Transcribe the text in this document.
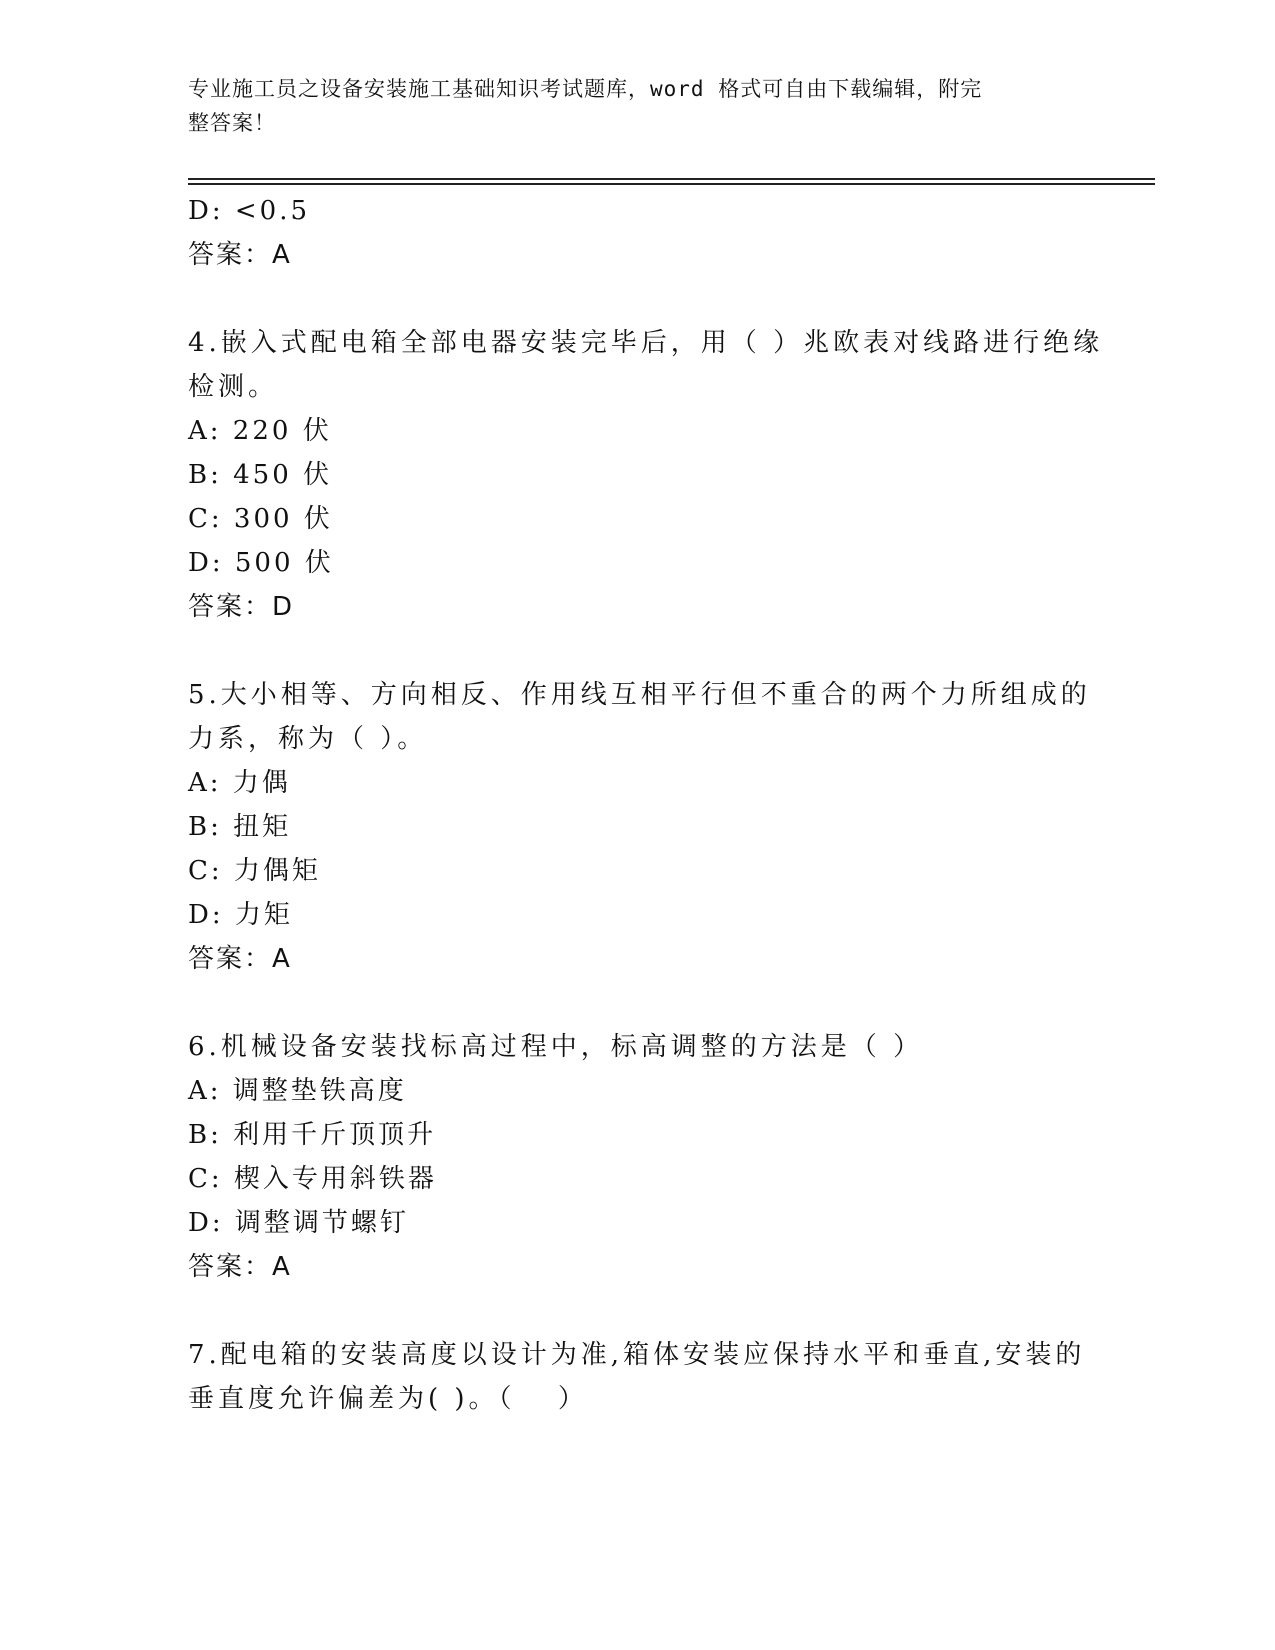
专业施工员之设备安装施工基础知识考试题库，word 格式可自由下载编辑，附完
整答案！
D: <0.5
答案：A
4.嵌入式配电箱全部电器安装完毕后，用（ ）兆欧表对线路进行绝缘
检测。
A: 220 伏
B: 450 伏
C: 300 伏
D: 500 伏
答案：D
5.大小相等、方向相反、作用线互相平行但不重合的两个力所组成的
力系，称为（ ）。
A: 力偶
B: 扭矩
C: 力偶矩
D: 力矩
答案：A
6.机械设备安装找标高过程中，标高调整的方法是（ ）
A: 调整垫铁高度
B: 利用千斤顶顶升
C: 楔入专用斜铁器
D: 调整调节螺钉
答案：A
7.配电箱的安装高度以设计为准,箱体安装应保持水平和垂直,安装的
垂直度允许偏差为( )。（　 ）
